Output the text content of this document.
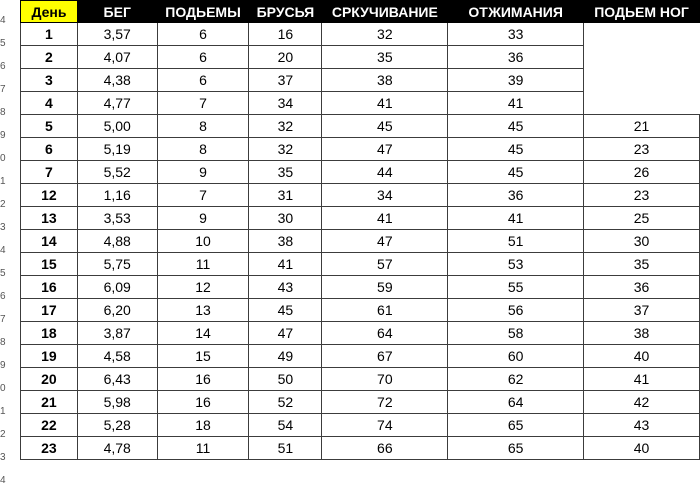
4
5
6
7
8
9
0
1
2
3
4
5
6
7
8
9
0
1
2
3
4
День	БЕГ	ПОДЬЕМЫ	БРУСЬЯ	СРКУЧИВАНИЕ	ОТЖИМАНИЯ	ПОДЬЕМ НОГ
1	3,57	6	16	32	33	
2	4,07	6	20	35	36	
3	4,38	6	37	38	39	
4	4,77	7	34	41	41	
5	5,00	8	32	45	45	21
6	5,19	8	32	47	45	23
7	5,52	9	35	44	45	26
12	1,16	7	31	34	36	23
13	3,53	9	30	41	41	25
14	4,88	10	38	47	51	30
15	5,75	11	41	57	53	35
16	6,09	12	43	59	55	36
17	6,20	13	45	61	56	37
18	3,87	14	47	64	58	38
19	4,58	15	49	67	60	40
20	6,43	16	50	70	62	41
21	5,98	16	52	72	64	42
22	5,28	18	54	74	65	43
23	4,78	11	51	66	65	40
